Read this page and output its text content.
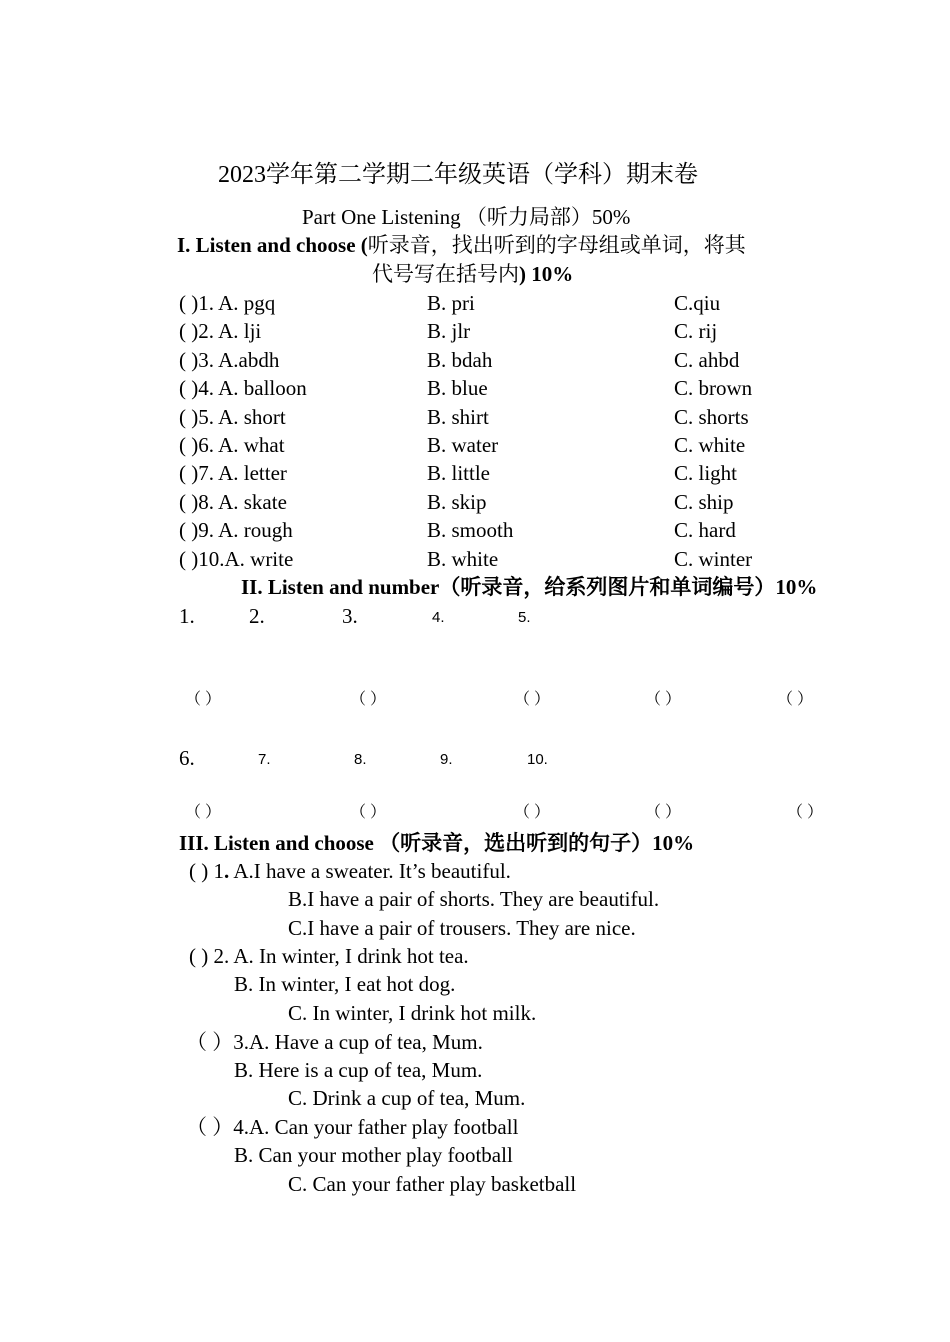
2023学年第二学期二年级英语（学科）期末卷
Part One Listening （听力局部）50%
I. Listen and choose (听录音，找出听到的字母组或单词，将其
代号写在括号内) 10%
( )1. A. pgq	B. pri	C.qiu
( )2. A. lji	B. jlr	C. rij
( )3. A.abdh	B. bdah	C. ahbd
( )4. A. balloon	B. blue	C. brown
( )5. A. short	B. shirt	C. shorts
( )6. A. what	B. water	C. white
( )7. A. letter	B. little	C. light
( )8. A. skate	B. skip	C. ship
( )9. A. rough	B. smooth	C. hard
( )10.A. write	B. white	C. winter
II. Listen and number（听录音，给系列图片和单词编号）10%
1.	2.	3.	4.	5.
（ ）	（ ）	（ ）	（ ）	（ ）
6.	7.	8.	9.	10.
（ ）	（ ）	（ ）	（ ）	（ ）
III. Listen and choose （听录音，选出听到的句子）10%
( ) 1. A.I have a sweater. It’s beautiful.
B.I have a pair of shorts. They are beautiful.
C.I have a pair of trousers. They are nice.
( ) 2. A. In winter, I drink hot tea.
B. In winter, I eat hot dog.
C. In winter, I drink hot milk.
（ ）3.A. Have a cup of tea, Mum.
B. Here is a cup of tea, Mum.
C. Drink a cup of tea, Mum.
（ ）4.A. Can your father play football
B. Can your mother play football
C. Can your father play basketball
